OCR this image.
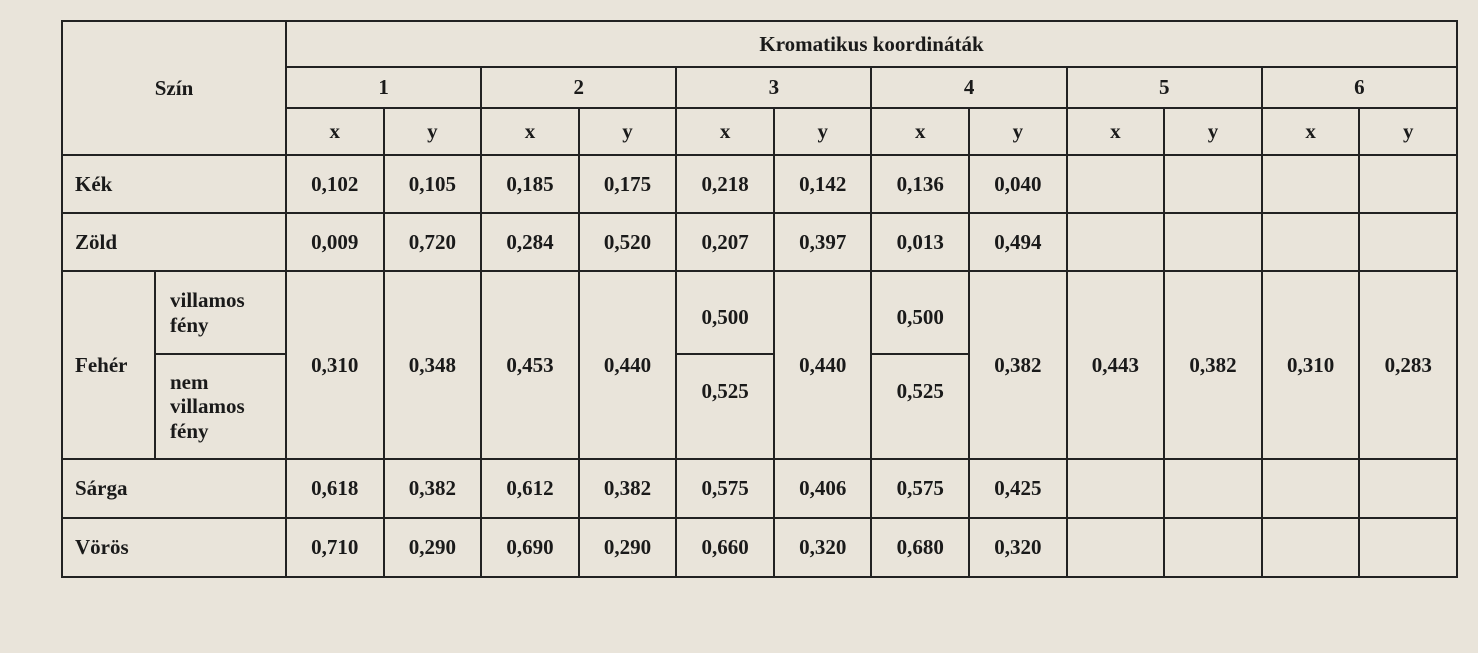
Szín		Kromatikus koordináták											
		1		2		3		4		5		6	
		x	y	x	y	x	y	x	y	x	y	x	y
Kék		0,102	0,105	0,185	0,175	0,218	0,142	0,136	0,040				
Zöld		0,009	0,720	0,284	0,520	0,207	0,397	0,013	0,494				
Fehér	villamos fény	0,310	0,348	0,453	0,440	0,500	0,440	0,500	0,382	0,443	0,382	0,310	0,283
	nem villamos fény					0,525		0,525					
Sárga		0,618	0,382	0,612	0,382	0,575	0,406	0,575	0,425				
Vörös		0,710	0,290	0,690	0,290	0,660	0,320	0,680	0,320				
